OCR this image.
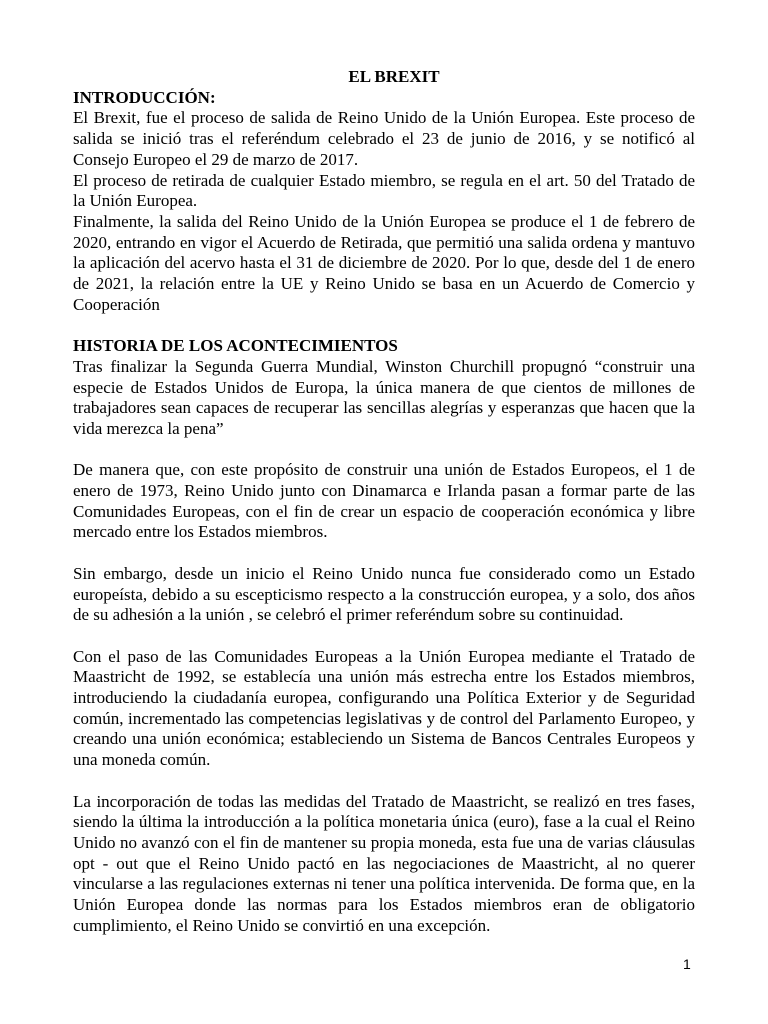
EL BREXIT

INTRODUCCIÓN:

El Brexit, fue el proceso de salida de Reino Unido de la Unión Europea. Este proceso de salida se inició tras el referéndum celebrado el 23 de junio de 2016, y se notificó al Consejo Europeo el 29 de marzo de 2017.

El proceso de retirada de cualquier Estado miembro, se regula en el art. 50 del Tratado de la Unión Europea.

Finalmente, la salida del Reino Unido de la Unión Europea se produce el 1 de febrero de 2020, entrando en vigor el Acuerdo de Retirada, que permitió una salida ordena y mantuvo la aplicación del acervo hasta el 31 de diciembre de 2020. Por lo que, desde del 1 de enero de 2021, la relación entre la UE y Reino Unido se basa en un Acuerdo de Comercio y Cooperación

HISTORIA DE LOS ACONTECIMIENTOS

Tras finalizar la Segunda Guerra Mundial, Winston Churchill propugnó “construir una especie de Estados Unidos de Europa, la única manera de que cientos de millones de trabajadores sean capaces de recuperar las sencillas alegrías y esperanzas que hacen que la vida merezca la pena”

De manera que, con este propósito de construir una unión de Estados Europeos, el 1 de enero de 1973, Reino Unido junto con Dinamarca e Irlanda pasan a formar parte de las Comunidades Europeas, con el fin de crear un espacio de cooperación económica y libre mercado entre los Estados miembros.

Sin embargo, desde un inicio el Reino Unido nunca fue considerado como un Estado europeísta, debido a su escepticismo respecto a la construcción europea, y a solo, dos años de su adhesión a la unión , se celebró el primer referéndum sobre su continuidad.

Con el paso de las Comunidades Europeas a la Unión Europea mediante el Tratado de Maastricht de 1992, se establecía una unión más estrecha entre los Estados miembros, introduciendo la ciudadanía europea, configurando una Política Exterior y de Seguridad común, incrementado las competencias legislativas y de control del Parlamento Europeo, y creando una unión económica; estableciendo un Sistema de Bancos Centrales Europeos y una moneda común.

La incorporación de todas las medidas del Tratado de Maastricht, se realizó en tres fases, siendo la última la introducción a la política monetaria única (euro), fase a la cual el Reino Unido no avanzó con el fin de mantener su propia moneda, esta fue una de varias cláusulas opt - out que el Reino Unido pactó en las negociaciones de Maastricht, al no querer vincularse a las regulaciones externas ni tener una política intervenida. De forma que, en la Unión Europea donde las normas para los Estados miembros eran de obligatorio cumplimiento, el Reino Unido se convirtió en una excepción.

1
